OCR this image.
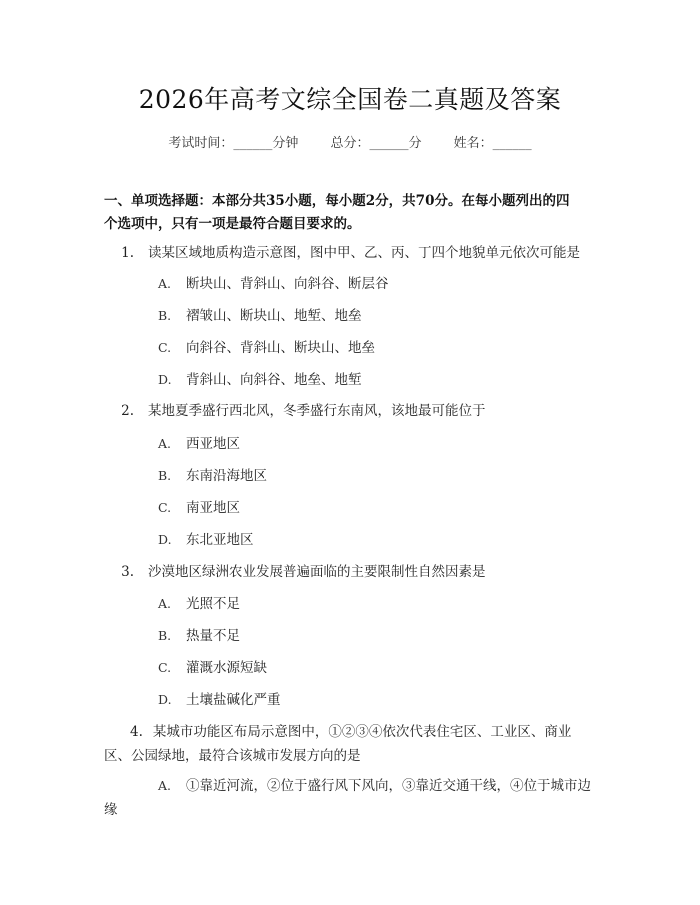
2026年高考文综全国卷二真题及答案
考试时间：______分钟 总分：______分 姓名：______
一、单项选择题：本部分共35小题，每小题2分，共70分。在每小题列出的四
个选项中，只有一项是最符合题目要求的。
1. 读某区域地质构造示意图，图中甲、乙、丙、丁四个地貌单元依次可能是
A. 断块山、背斜山、向斜谷、断层谷
B. 褶皱山、断块山、地堑、地垒
C. 向斜谷、背斜山、断块山、地垒
D. 背斜山、向斜谷、地垒、地堑
2. 某地夏季盛行西北风，冬季盛行东南风，该地最可能位于
A. 西亚地区
B. 东南沿海地区
C. 南亚地区
D. 东北亚地区
3. 沙漠地区绿洲农业发展普遍面临的主要限制性自然因素是
A. 光照不足
B. 热量不足
C. 灌溉水源短缺
D. 土壤盐碱化严重
4. 某城市功能区布局示意图中，①②③④依次代表住宅区、工业区、商业
区、公园绿地，最符合该城市发展方向的是
A. ①靠近河流，②位于盛行风下风向，③靠近交通干线，④位于城市边
缘
